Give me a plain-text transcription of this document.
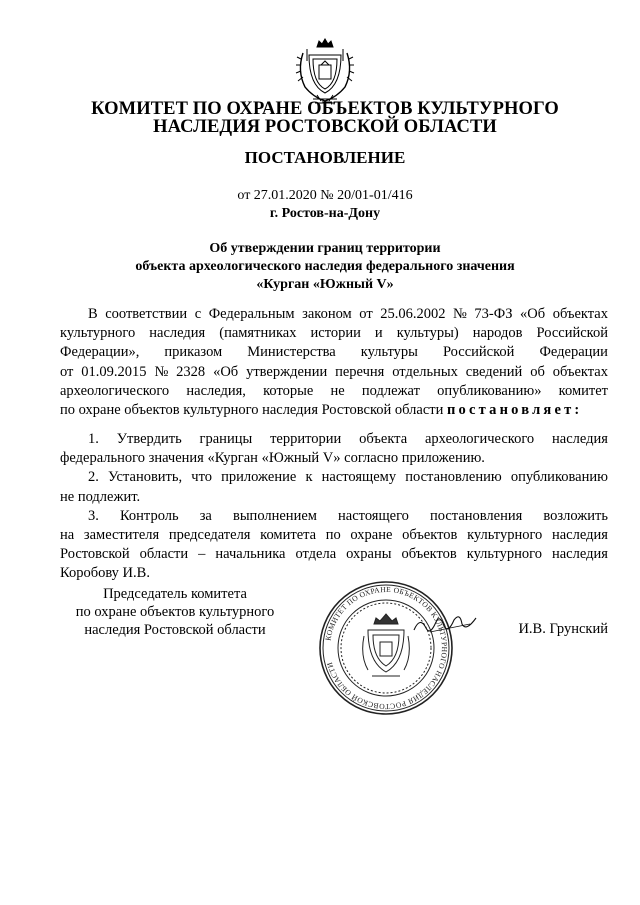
КОМИТЕТ ПО ОХРАНЕ ОБЪЕКТОВ КУЛЬТУРНОГО
НАСЛЕДИЯ РОСТОВСКОЙ ОБЛАСТИ
ПОСТАНОВЛЕНИЕ
от 27.01.2020 № 20/01-01/416
г. Ростов-на-Дону
Об утверждении границ территории
объекта археологического наследия федерального значения
«Курган «Южный V»
В соответствии с Федеральным законом от 25.06.2002 № 73-ФЗ «Об объектах
культурного наследия (памятниках истории и культуры) народов Российской
Федерации», приказом Министерства культуры Российской Федерации
от 01.09.2015 № 2328 «Об утверждении перечня отдельных сведений об объектах
археологического наследия, которые не подлежат опубликованию» комитет
по охране объектов культурного наследия Ростовской области постановляет:
1. Утвердить границы территории объекта археологического наследия
федерального значения «Курган «Южный V» согласно приложению.
2. Установить, что приложение к настоящему постановлению опубликованию
не подлежит.
3. Контроль за выполнением настоящего постановления возложить
на заместителя председателя комитета по охране объектов культурного наследия
Ростовской области – начальника отдела охраны объектов культурного наследия
Коробову И.В.
Председатель комитета
по охране объектов культурного
наследия Ростовской области
КОМИТЕТ ПО ОХРАНЕ ОБЪЕКТОВ КУЛЬТУРНОГО НАСЛЕДИЯ РОСТОВСКОЙ ОБЛАСТИ
И.В. Грунский
